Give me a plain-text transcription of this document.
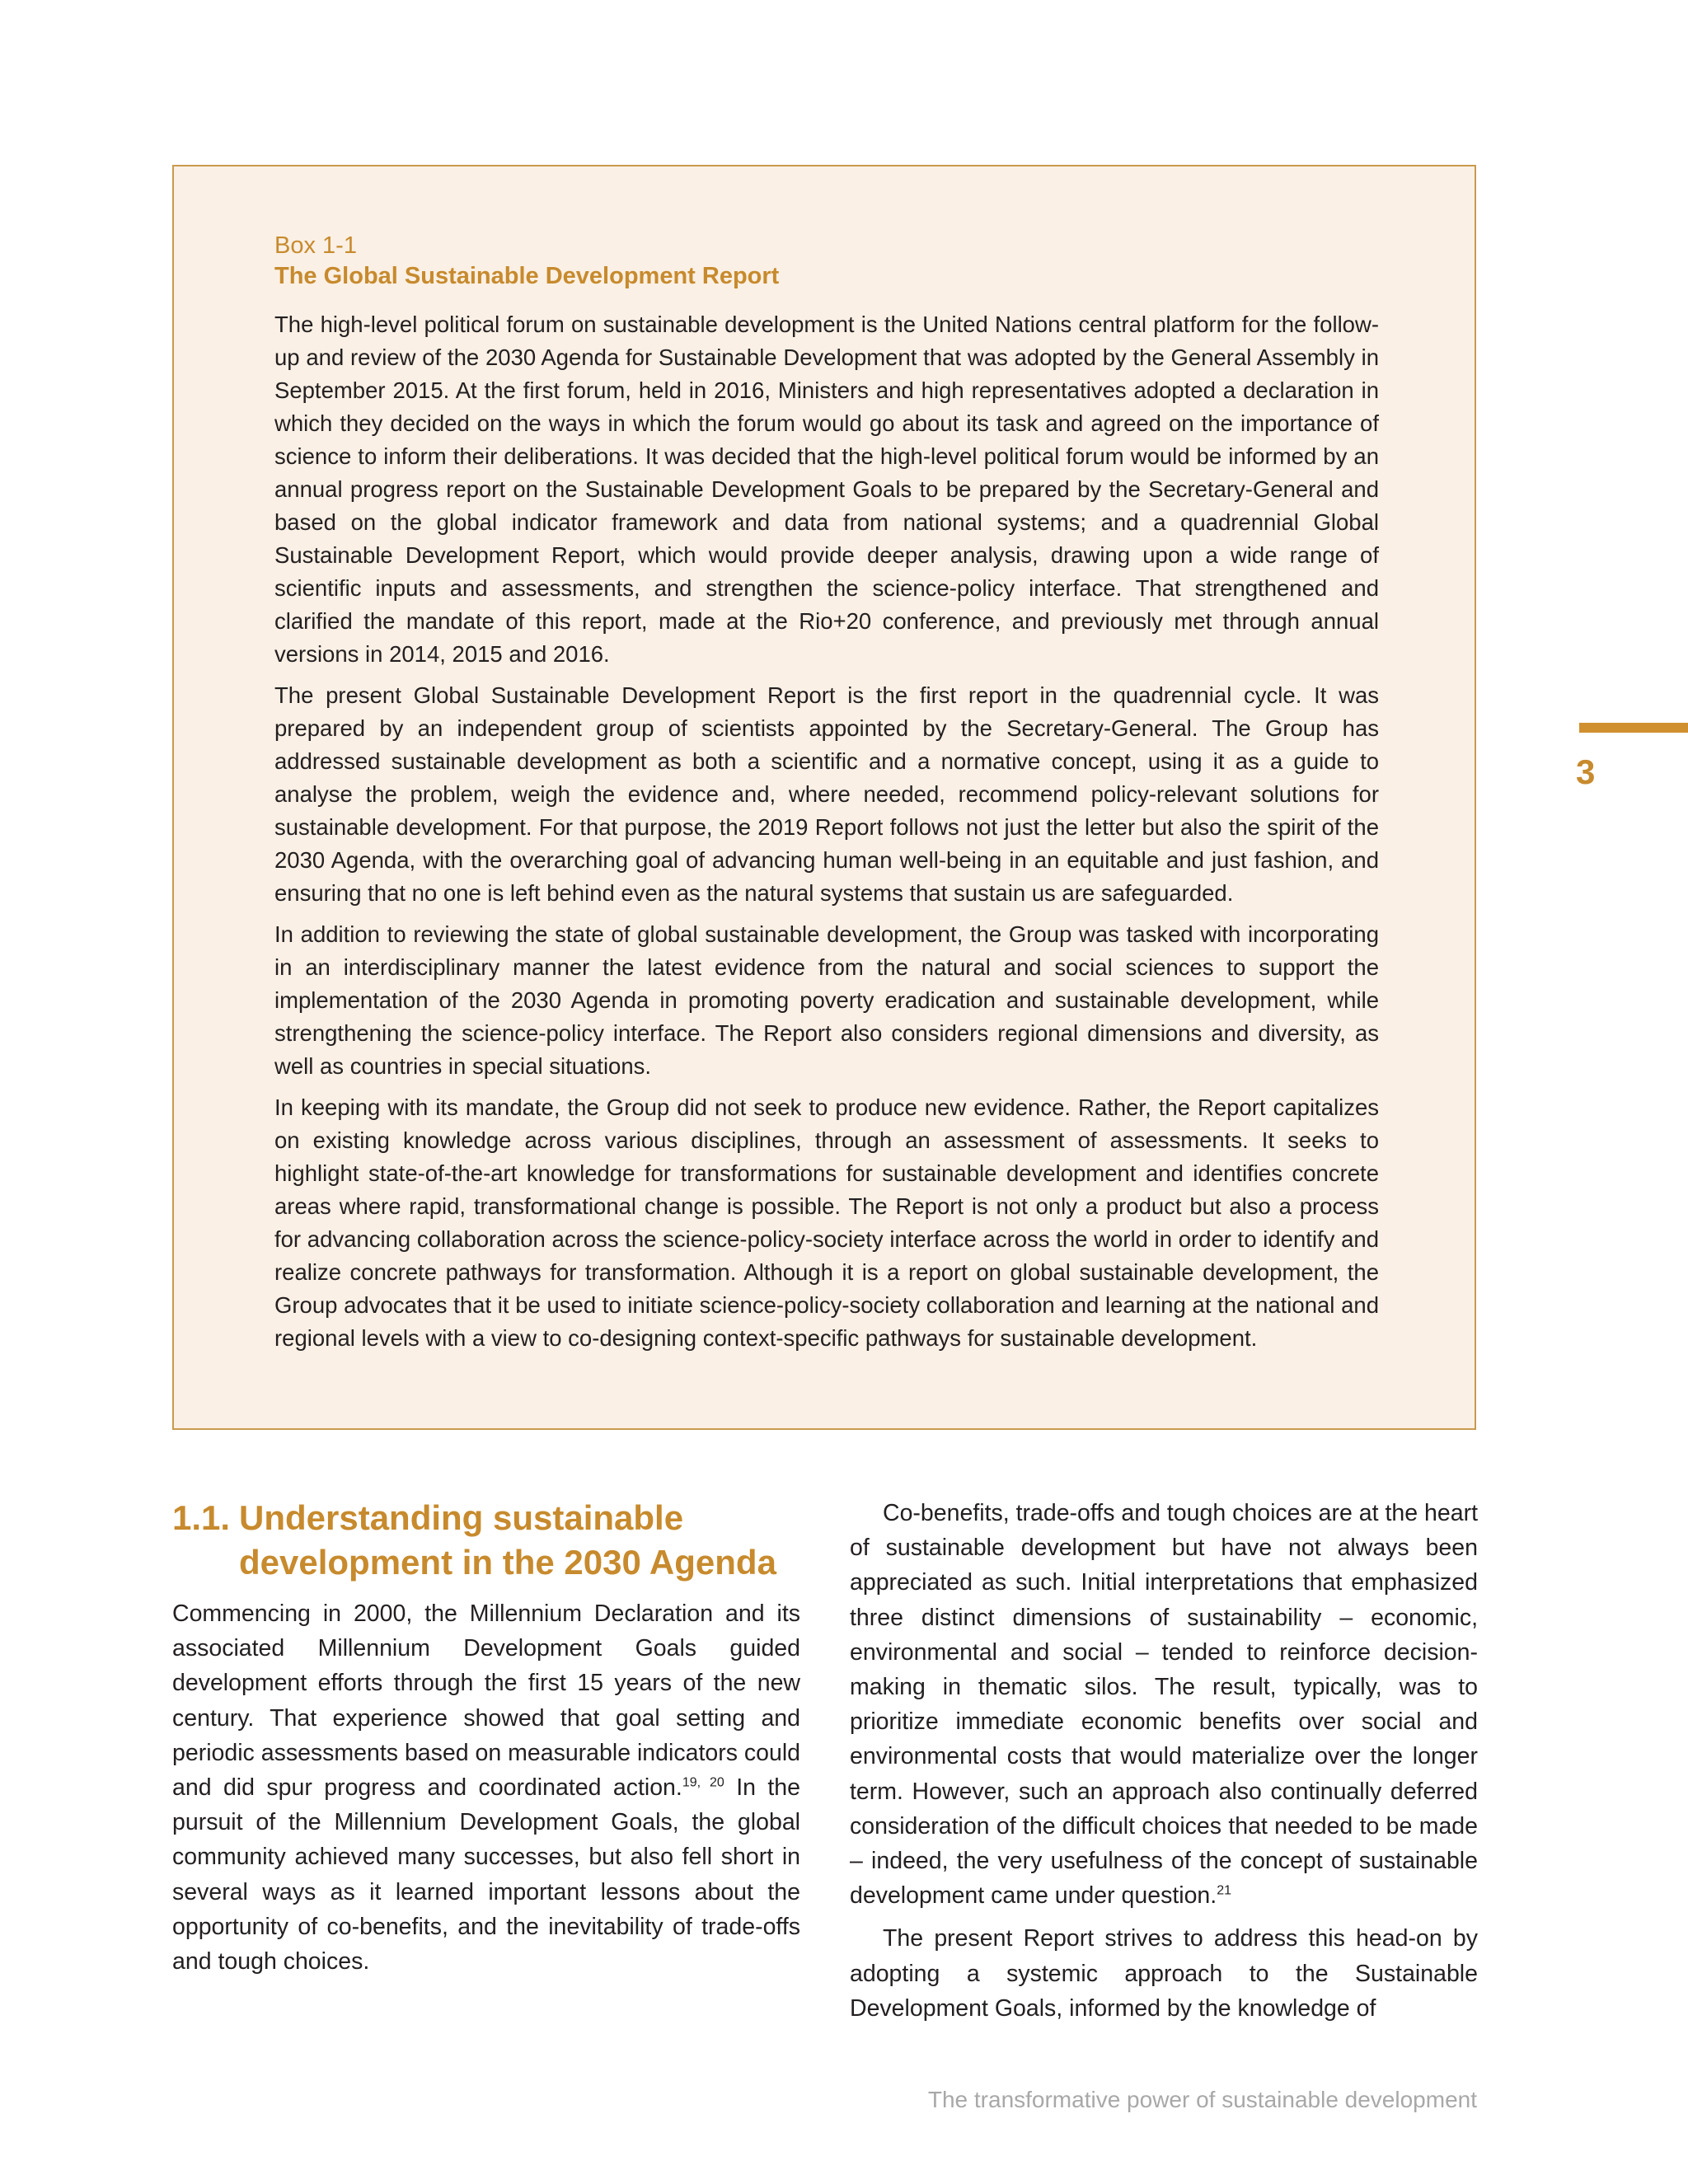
Box 1-1
The Global Sustainable Development Report

The high-level political forum on sustainable development is the United Nations central platform for the follow-up and review of the 2030 Agenda for Sustainable Development that was adopted by the General Assembly in September 2015. At the first forum, held in 2016, Ministers and high representatives adopted a declaration in which they decided on the ways in which the forum would go about its task and agreed on the importance of science to inform their deliberations. It was decided that the high-level political forum would be informed by an annual progress report on the Sustainable Development Goals to be prepared by the Secretary-General and based on the global indicator framework and data from national systems; and a quadrennial Global Sustainable Development Report, which would provide deeper analysis, drawing upon a wide range of scientific inputs and assessments, and strengthen the science-policy interface. That strengthened and clarified the mandate of this report, made at the Rio+20 conference, and previously met through annual versions in 2014, 2015 and 2016.

The present Global Sustainable Development Report is the first report in the quadrennial cycle. It was prepared by an independent group of scientists appointed by the Secretary-General. The Group has addressed sustainable development as both a scientific and a normative concept, using it as a guide to analyse the problem, weigh the evidence and, where needed, recommend policy-relevant solutions for sustainable development. For that purpose, the 2019 Report follows not just the letter but also the spirit of the 2030 Agenda, with the overarching goal of advancing human well-being in an equitable and just fashion, and ensuring that no one is left behind even as the natural systems that sustain us are safeguarded.

In addition to reviewing the state of global sustainable development, the Group was tasked with incorporating in an interdisciplinary manner the latest evidence from the natural and social sciences to support the implementation of the 2030 Agenda in promoting poverty eradication and sustainable development, while strengthening the science-policy interface. The Report also considers regional dimensions and diversity, as well as countries in special situations.

In keeping with its mandate, the Group did not seek to produce new evidence. Rather, the Report capitalizes on existing knowledge across various disciplines, through an assessment of assessments. It seeks to highlight state-of-the-art knowledge for transformations for sustainable development and identifies concrete areas where rapid, transformational change is possible. The Report is not only a product but also a process for advancing collaboration across the science-policy-society interface across the world in order to identify and realize concrete pathways for transformation. Although it is a report on global sustainable development, the Group advocates that it be used to initiate science-policy-society collaboration and learning at the national and regional levels with a view to co-designing context-specific pathways for sustainable development.

3
1.1. Understanding sustainable development in the 2030 Agenda

Commencing in 2000, the Millennium Declaration and its associated Millennium Development Goals guided development efforts through the first 15 years of the new century. That experience showed that goal setting and periodic assessments based on measurable indicators could and did spur progress and coordinated action.$^{19, 20}$ In the pursuit of the Millennium Development Goals, the global community achieved many successes, but also fell short in several ways as it learned important lessons about the opportunity of co-benefits, and the inevitability of trade-offs and tough choices.

Co-benefits, trade-offs and tough choices are at the heart of sustainable development but have not always been appreciated as such. Initial interpretations that emphasized three distinct dimensions of sustainability – economic, environmental and social – tended to reinforce decision-making in thematic silos. The result, typically, was to prioritize immediate economic benefits over social and environmental costs that would materialize over the longer term. However, such an approach also continually deferred consideration of the difficult choices that needed to be made – indeed, the very usefulness of the concept of sustainable development came under question.$^{21}$

The present Report strives to address this head-on by adopting a systemic approach to the Sustainable Development Goals, informed by the knowledge of

The transformative power of sustainable development
